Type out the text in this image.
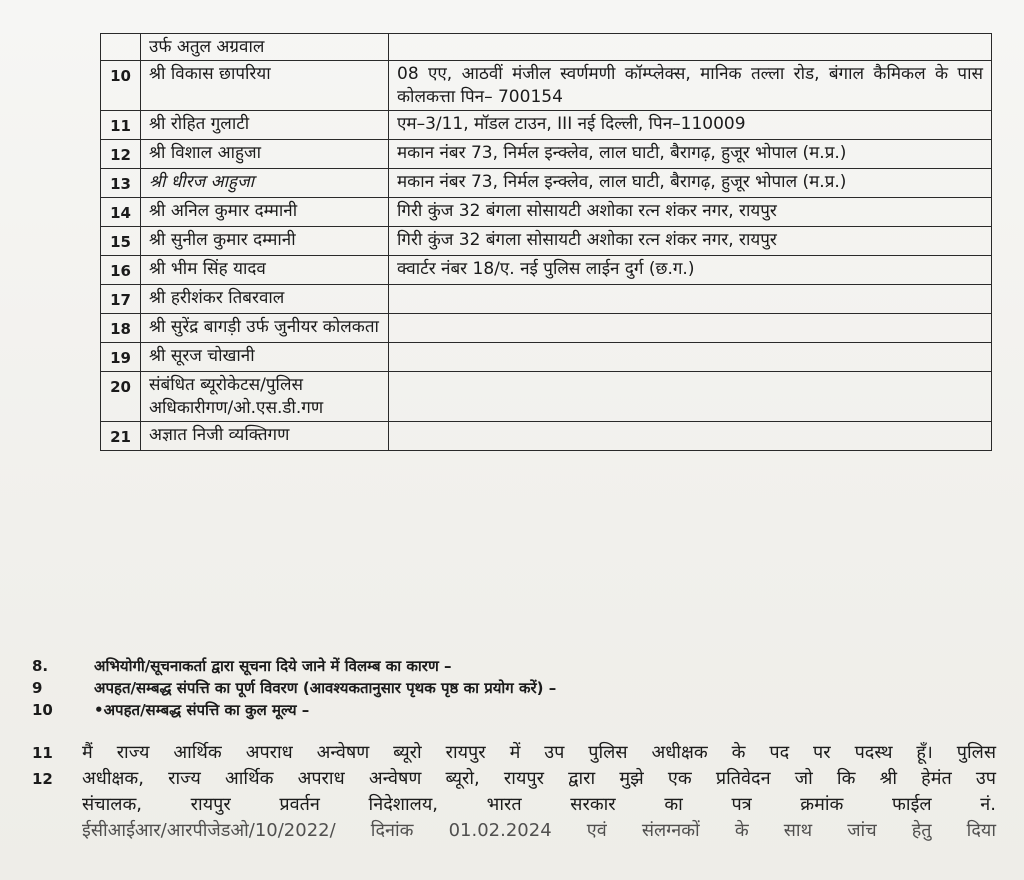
	उर्फ अतुल अग्रवाल	
10	श्री विकास छापरिया	08 एए, आठवीं मंजील स्वर्णमणी कॉम्प्लेक्स, मानिक तल्ला रोड, बंगाल कैमिकल के पास कोलकत्ता पिन– 700154
11	श्री रोहित गुलाटी	एम–3/11, मॉडल टाउन, III नई दिल्ली, पिन–110009
12	श्री विशाल आहुजा	मकान नंबर 73, निर्मल इन्क्लेव, लाल घाटी, बैरागढ़, हुजूर भोपाल (म.प्र.)
13	श्री धीरज आहुजा	मकान नंबर 73, निर्मल इन्क्लेव, लाल घाटी, बैरागढ़, हुजूर भोपाल (म.प्र.)
14	श्री अनिल कुमार दम्मानी	गिरी कुंज 32 बंगला सोसायटी अशोका रत्न शंकर नगर, रायपुर
15	श्री सुनील कुमार दम्मानी	गिरी कुंज 32 बंगला सोसायटी अशोका रत्न शंकर नगर, रायपुर
16	श्री भीम सिंह यादव	क्वार्टर नंबर 18/ए. नई पुलिस लाईन दुर्ग (छ.ग.)
17	श्री हरीशंकर तिबरवाल	
18	श्री सुरेंद्र बागड़ी उर्फ जुनीयर कोलकता	
19	श्री सूरज चोखानी	
20	संबंधित ब्यूरोकेटस/पुलिस अधिकारीगण/ओ.एस.डी.गण	
21	अज्ञात निजी व्यक्तिगण	
8.	अभियोगी/सूचनाकर्ता द्वारा सूचना दिये जाने में विलम्ब का कारण –
9	अपहत/सम्बद्ध संपत्ति का पूर्ण विवरण (आवश्यकतानुसार पृथक पृष्ठ का प्रयोग करें) –
10	•अपहत/सम्बद्ध संपत्ति का कुल मूल्य –
11 मैं राज्य आर्थिक अपराध अन्वेषण ब्यूरो रायपुर में उप पुलिस अधीक्षक के पद पर पदस्थ हूँ। पुलिस
12 अधीक्षक, राज्य आर्थिक अपराध अन्वेषण ब्यूरो, रायपुर द्वारा मुझे एक प्रतिवेदन जो कि श्री हेमंत उप
संचालक, रायपुर प्रवर्तन निदेशालय, भारत सरकार का पत्र क्रमांक फाईल नं.
ईसीआईआर/आरपीजेडओ/10/2022/ दिनांक 01.02.2024 एवं संलग्नकों के साथ जांच हेतु दिया
